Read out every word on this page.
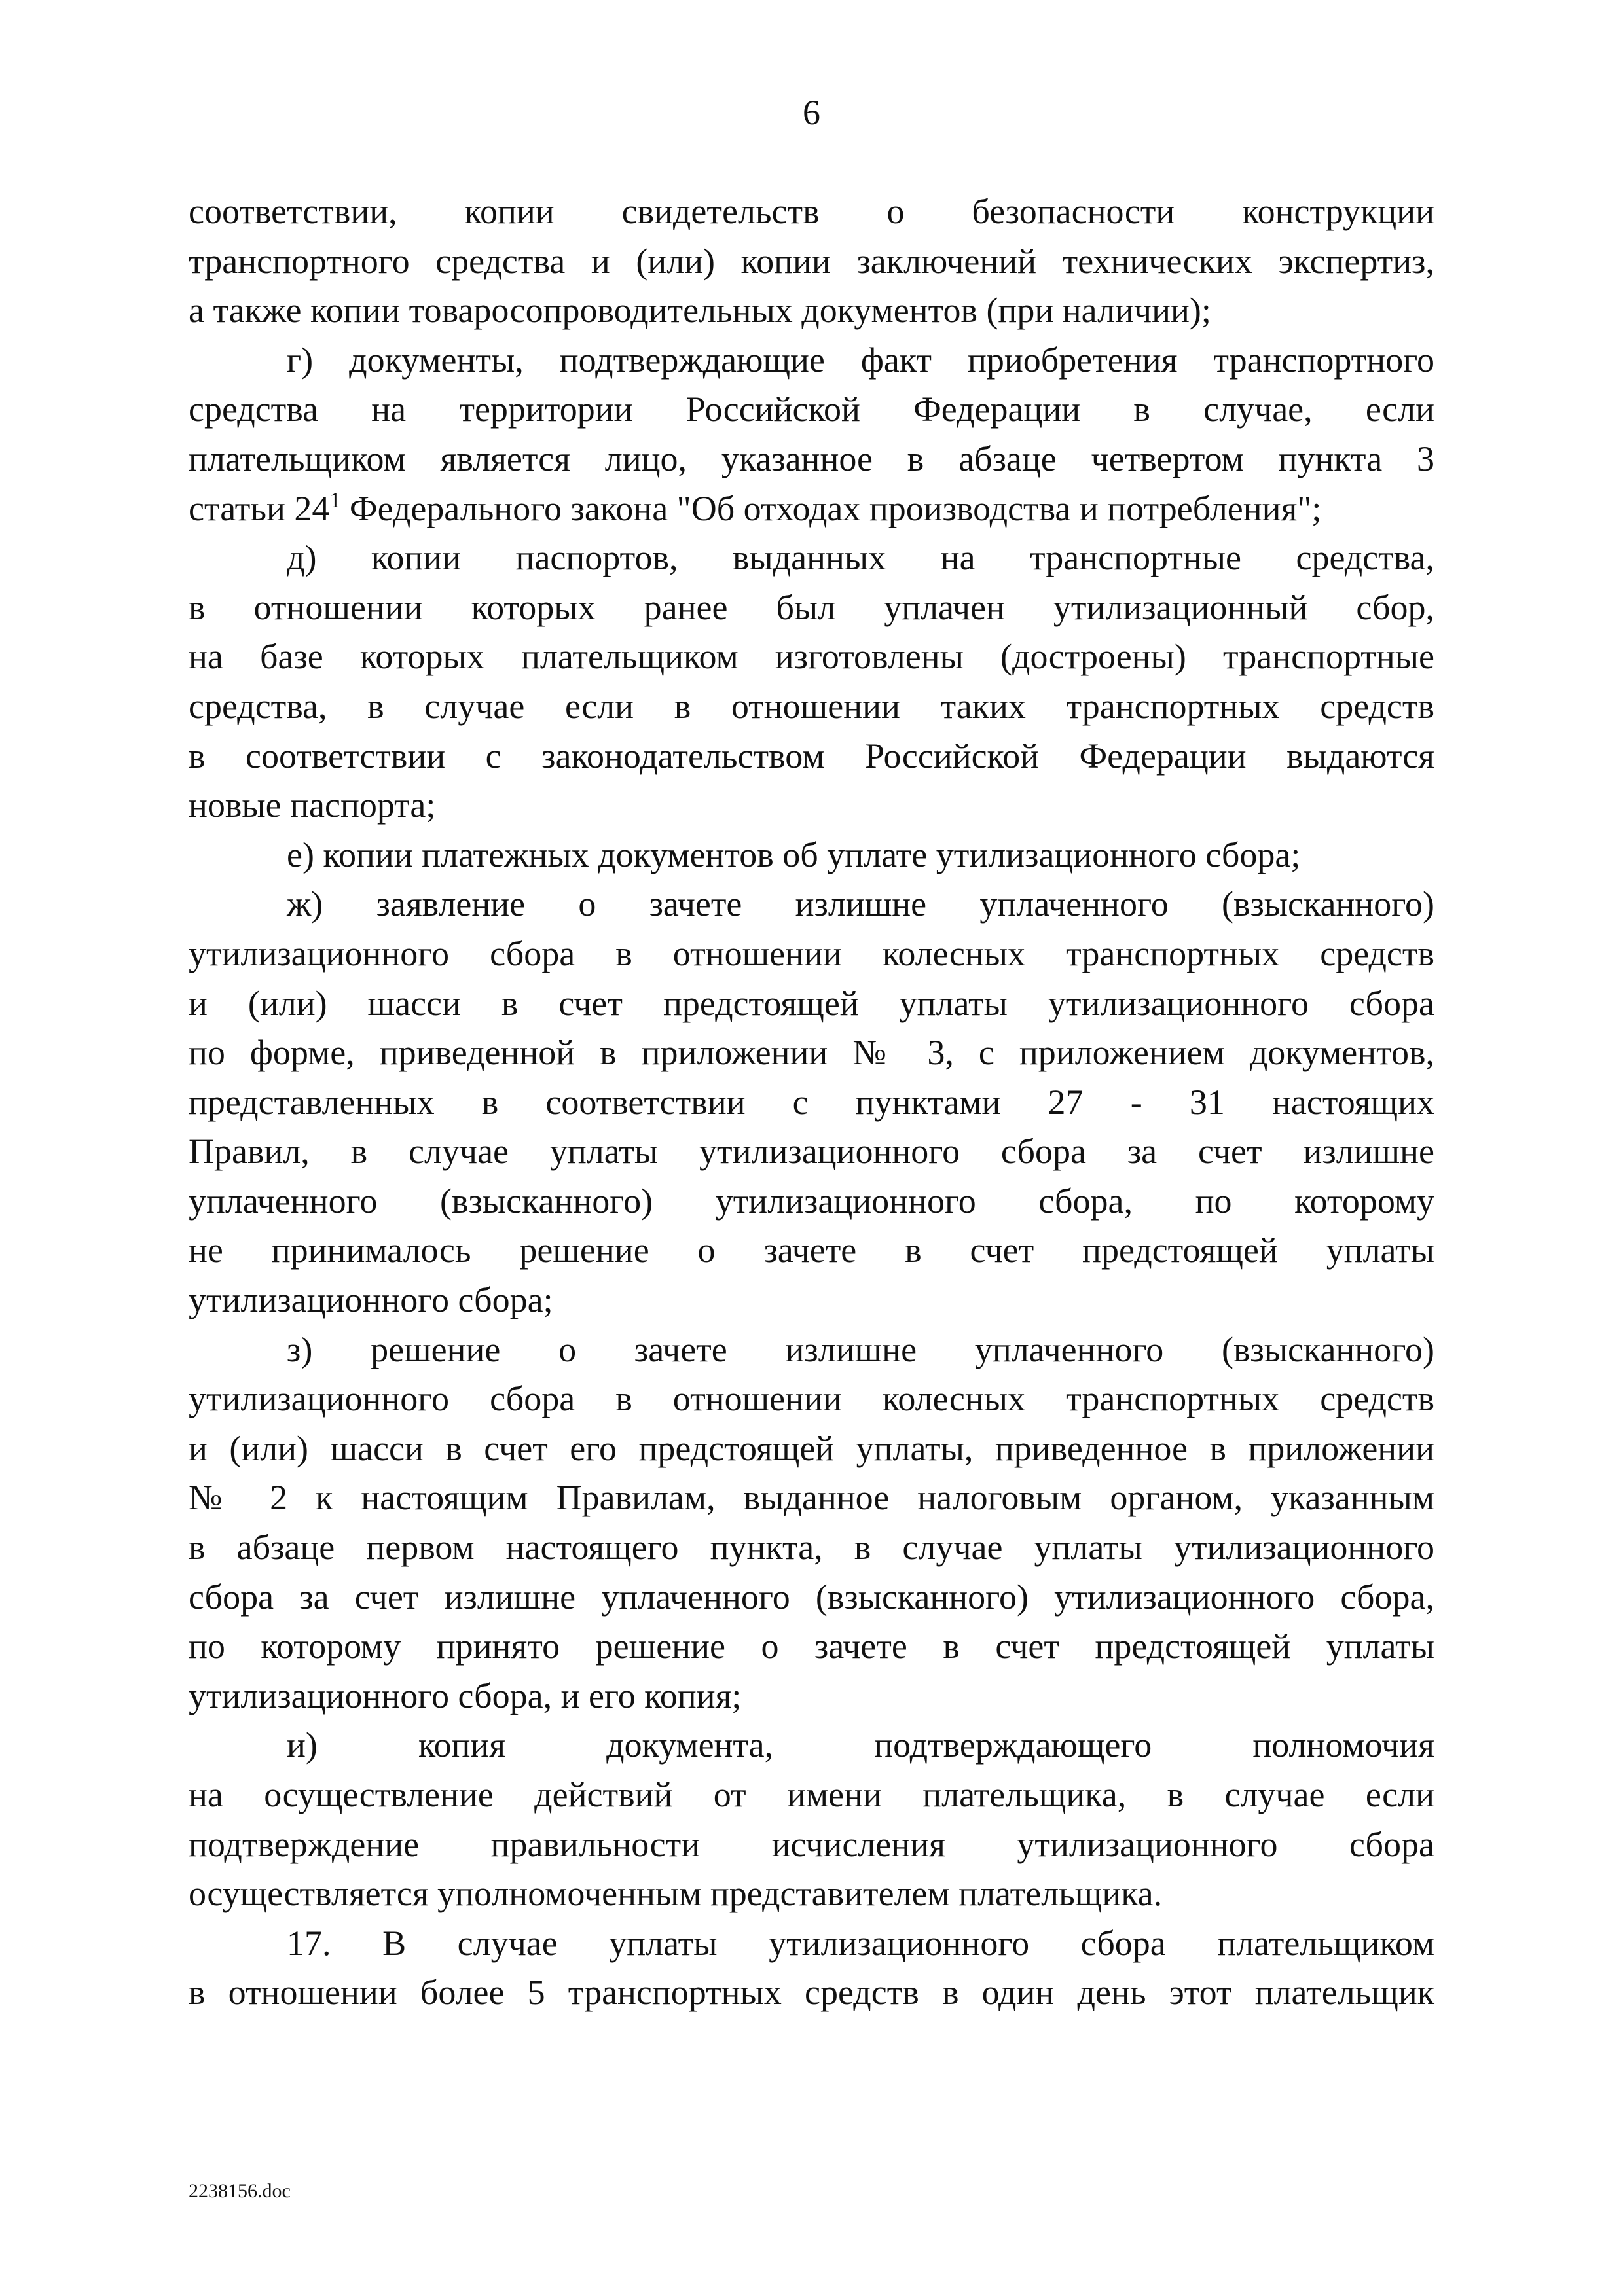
6
соответствии, копии свидетельств о безопасности конструкции
транспортного средства и (или) копии заключений технических экспертиз,
а также копии товаросопроводительных документов (при наличии);
г) документы, подтверждающие факт приобретения транспортного
средства на территории Российской Федерации в случае, если
плательщиком является лицо, указанное в абзаце четвертом пункта 3
статьи $24^1$ Федерального закона "Об отходах производства и потребления";
д) копии паспортов, выданных на транспортные средства,
в отношении которых ранее был уплачен утилизационный сбор,
на базе которых плательщиком изготовлены (достроены) транспортные
средства, в случае если в отношении таких транспортных средств
в соответствии с законодательством Российской Федерации выдаются
новые паспорта;
е) копии платежных документов об уплате утилизационного сбора;
ж) заявление о зачете излишне уплаченного (взысканного)
утилизационного сбора в отношении колесных транспортных средств
и (или) шасси в счет предстоящей уплаты утилизационного сбора
по форме, приведенной в приложении № 3, с приложением документов,
представленных в соответствии с пунктами 27 - 31 настоящих
Правил, в случае уплаты утилизационного сбора за счет излишне
уплаченного (взысканного) утилизационного сбора, по которому
не принималось решение о зачете в счет предстоящей уплаты
утилизационного сбора;
з) решение о зачете излишне уплаченного (взысканного)
утилизационного сбора в отношении колесных транспортных средств
и (или) шасси в счет его предстоящей уплаты, приведенное в приложении
№ 2 к настоящим Правилам, выданное налоговым органом, указанным
в абзаце первом настоящего пункта, в случае уплаты утилизационного
сбора за счет излишне уплаченного (взысканного) утилизационного сбора,
по которому принято решение о зачете в счет предстоящей уплаты
утилизационного сбора, и его копия;
и) копия документа, подтверждающего полномочия
на осуществление действий от имени плательщика, в случае если
подтверждение правильности исчисления утилизационного сбора
осуществляется уполномоченным представителем плательщика.
17. В случае уплаты утилизационного сбора плательщиком
в отношении более 5 транспортных средств в один день этот плательщик
2238156.doc
